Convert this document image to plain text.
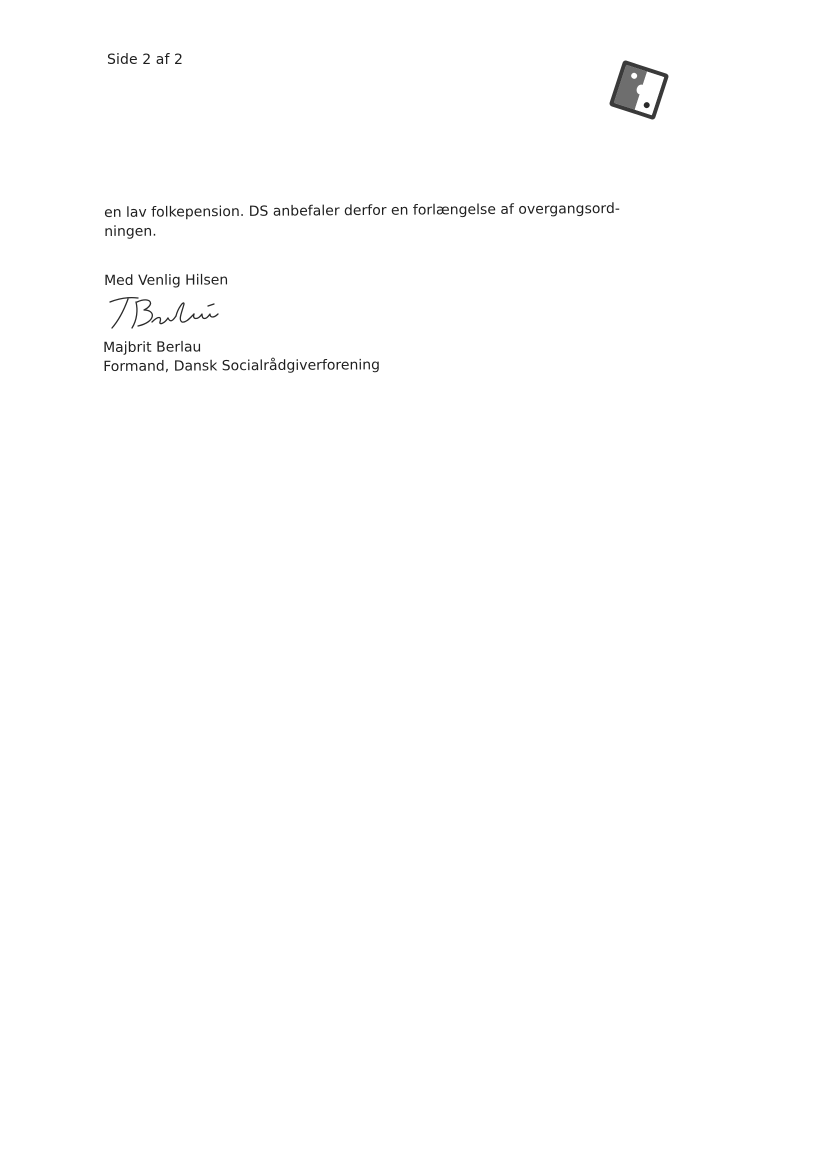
Side 2 af 2

en lav folkepension. DS anbefaler derfor en forlængelse af overgangsord-

ningen.

Med Venlig Hilsen
Majbrit Berlau
Formand, Dansk Socialrådgiverforening
